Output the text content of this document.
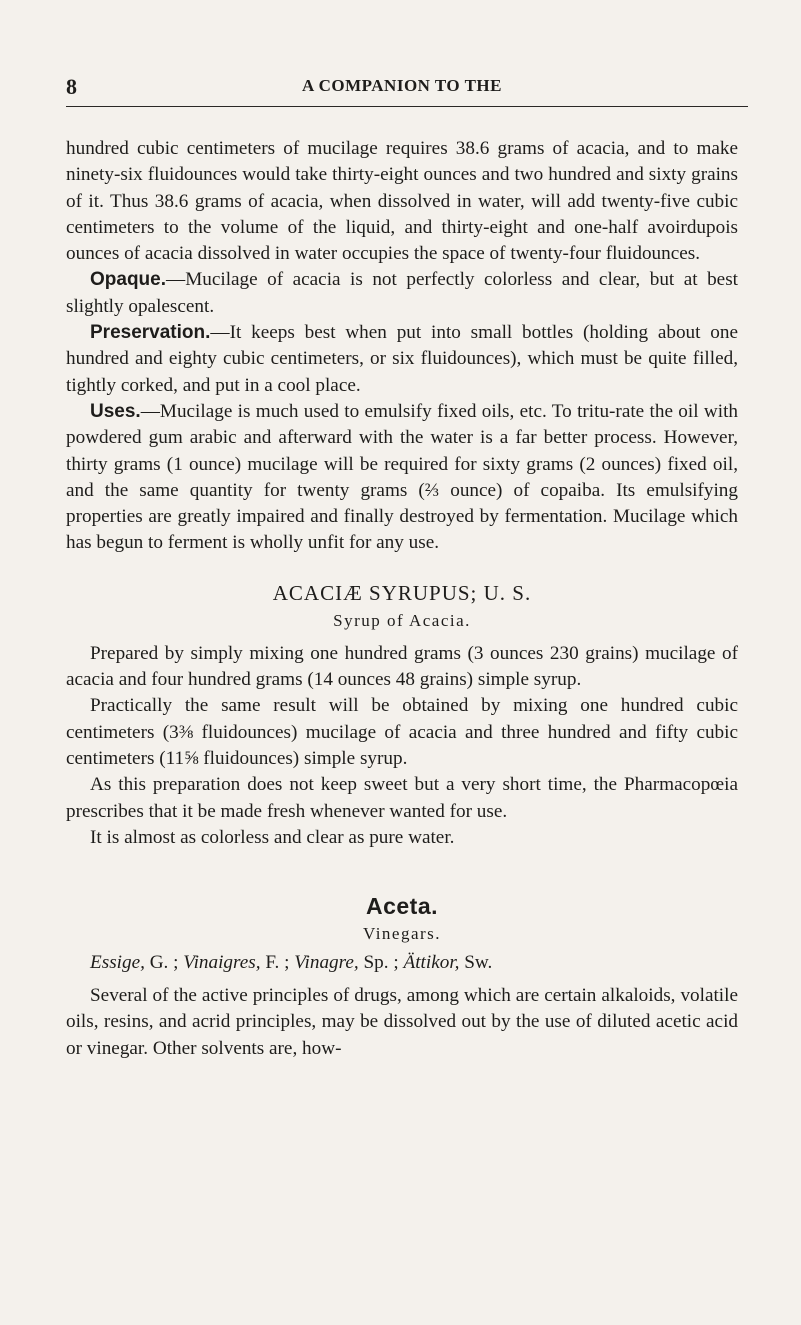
8	A COMPANION TO THE

hundred cubic centimeters of mucilage requires 38.6 grams of acacia, and to make ninety-six fluidounces would take thirty-eight ounces and two hundred and sixty grains of it. Thus 38.6 grams of acacia, when dissolved in water, will add twenty-five cubic centimeters to the volume of the liquid, and thirty-eight and one-half avoirdupois ounces of acacia dissolved in water occupies the space of twenty-four fluidounces.

Opaque.—Mucilage of acacia is not perfectly colorless and clear, but at best slightly opalescent.

Preservation.—It keeps best when put into small bottles (holding about one hundred and eighty cubic centimeters, or six fluidounces), which must be quite filled, tightly corked, and put in a cool place.

Uses.—Mucilage is much used to emulsify fixed oils, etc. To tritu-rate the oil with powdered gum arabic and afterward with the water is a far better process. However, thirty grams (1 ounce) mucilage will be required for sixty grams (2 ounces) fixed oil, and the same quantity for twenty grams (⅔ ounce) of copaiba. Its emulsifying properties are greatly impaired and finally destroyed by fermentation. Mucilage which has begun to ferment is wholly unfit for any use.

ACACIÆ SYRUPUS; U. S.
Syrup of Acacia.

Prepared by simply mixing one hundred grams (3 ounces 230 grains) mucilage of acacia and four hundred grams (14 ounces 48 grains) simple syrup.

Practically the same result will be obtained by mixing one hundred cubic centimeters (3⅜ fluidounces) mucilage of acacia and three hundred and fifty cubic centimeters (11⅝ fluidounces) simple syrup.

As this preparation does not keep sweet but a very short time, the Pharmacopœia prescribes that it be made fresh whenever wanted for use.

It is almost as colorless and clear as pure water.

Aceta.
Vinegars.

Essige, G. ; Vinaigres, F. ; Vinagre, Sp. ; Ättikor, Sw.

Several of the active principles of drugs, among which are certain alkaloids, volatile oils, resins, and acrid principles, may be dissolved out by the use of diluted acetic acid or vinegar. Other solvents are, how-
